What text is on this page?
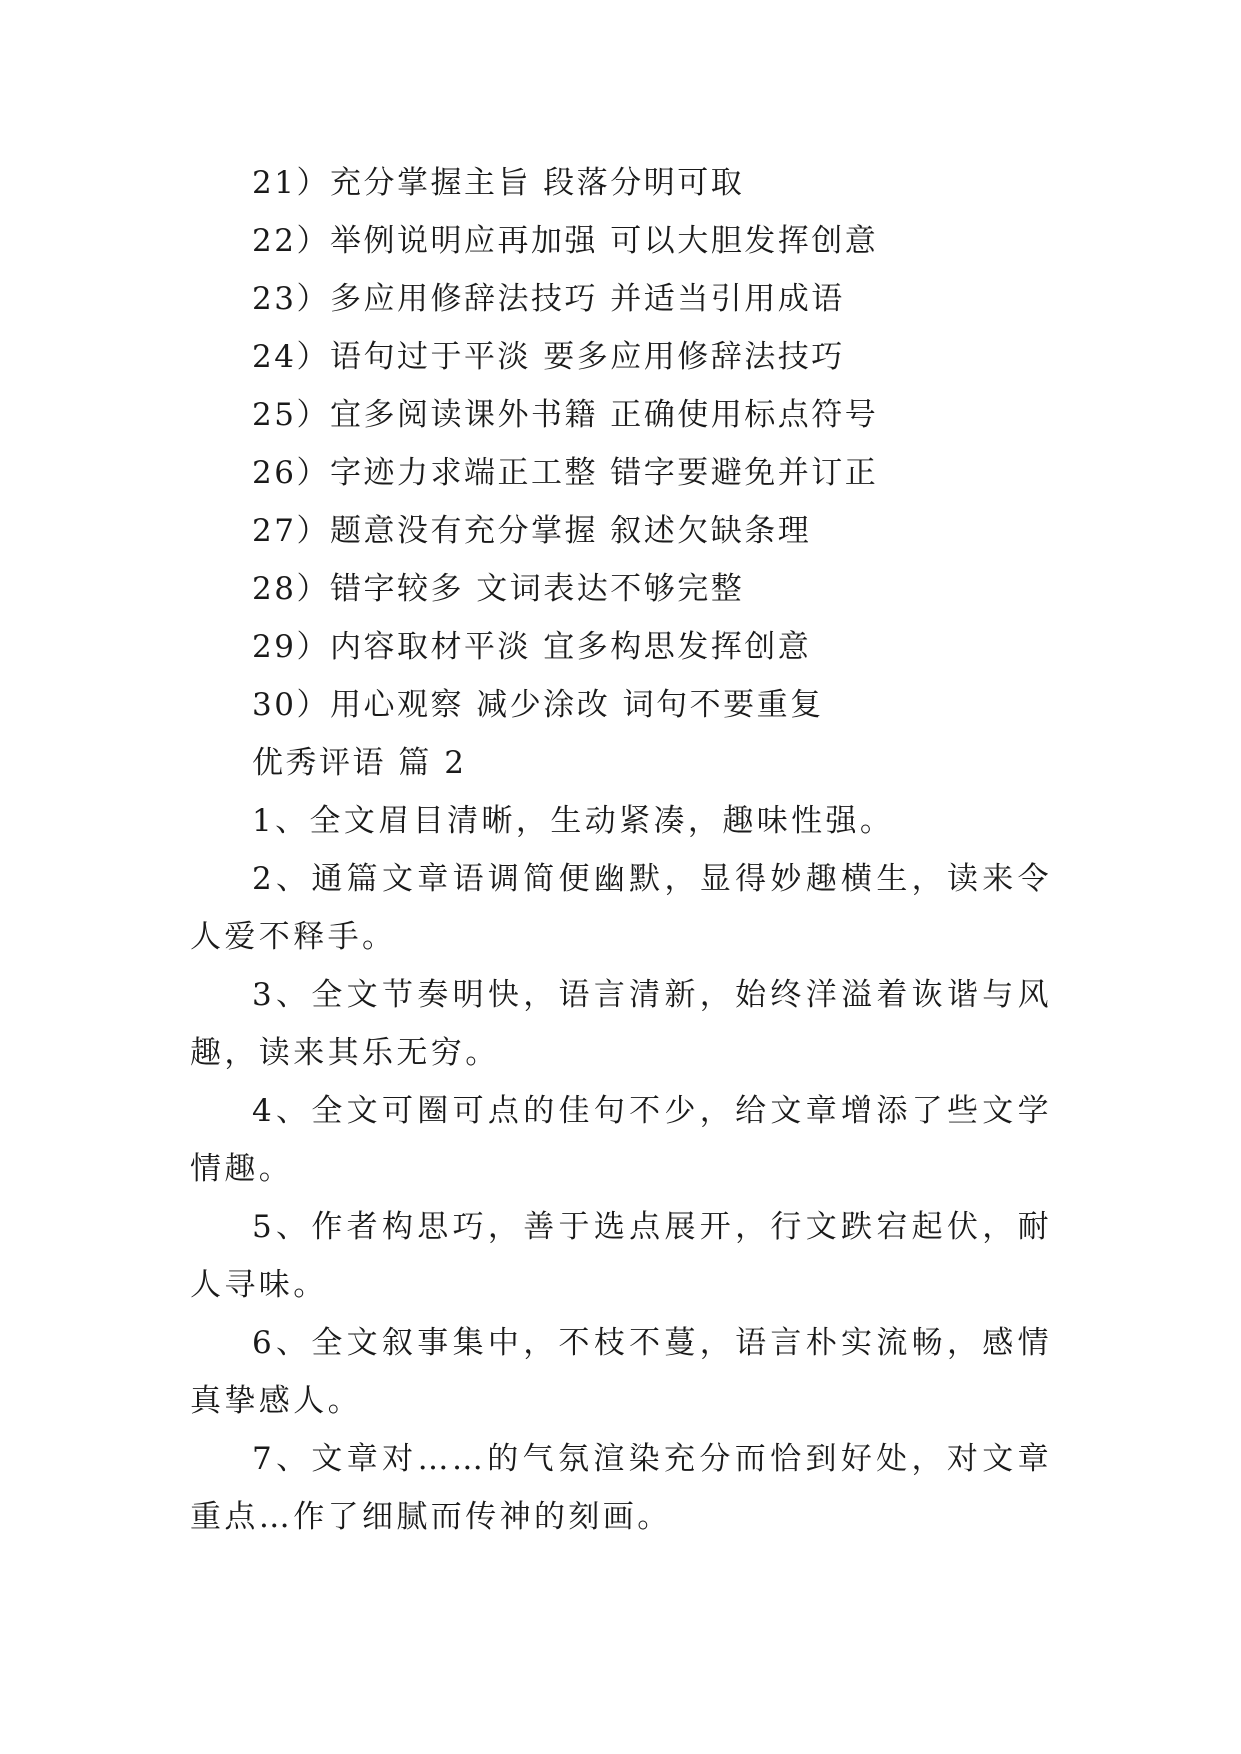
21）充分掌握主旨 段落分明可取

22）举例说明应再加强 可以大胆发挥创意

23）多应用修辞法技巧 并适当引用成语

24）语句过于平淡 要多应用修辞法技巧

25）宜多阅读课外书籍 正确使用标点符号

26）字迹力求端正工整 错字要避免并订正

27）题意没有充分掌握 叙述欠缺条理

28）错字较多 文词表达不够完整

29）内容取材平淡 宜多构思发挥创意

30）用心观察 减少涂改 词句不要重复

优秀评语 篇 2

1、全文眉目清晰，生动紧凑，趣味性强。

2、通篇文章语调简便幽默，显得妙趣横生，读来令人爱不释手。

3、全文节奏明快，语言清新，始终洋溢着诙谐与风趣，读来其乐无穷。

4、全文可圈可点的佳句不少，给文章增添了些文学情趣。

5、作者构思巧，善于选点展开，行文跌宕起伏，耐人寻味。

6、全文叙事集中，不枝不蔓，语言朴实流畅，感情真挚感人。

7、文章对……的气氛渲染充分而恰到好处，对文章重点…作了细腻而传神的刻画。
